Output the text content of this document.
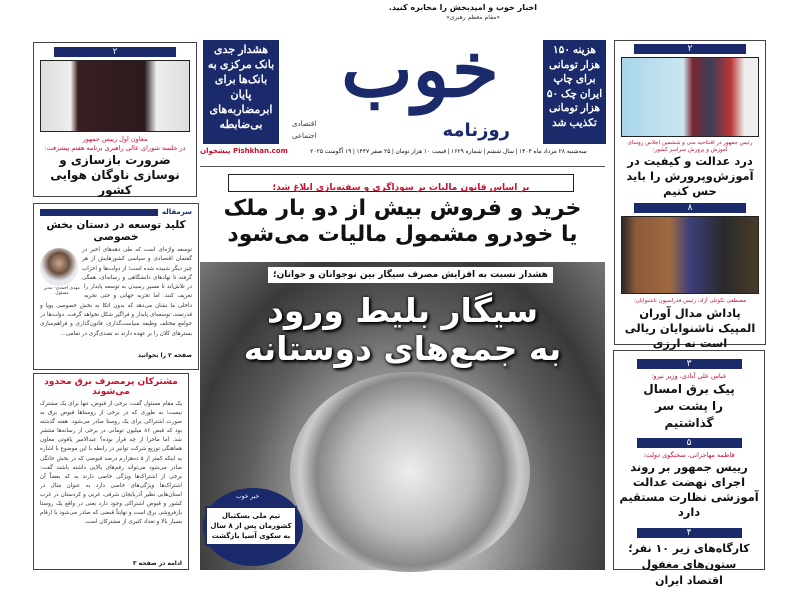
اخبار خوب و امیدبخش را مخابره کنید.
«مقام معظم رهبری»
خوب
روزنامه
اقتصادی
اجتماعی
سه‌شنبه ۲۸ مرداد ماه ۱۴۰۴ | سال ششم | شماره ۱۶۲۹ | قیمت ۱۰ هزار تومان | ۲۵ صفر ۱۴۴۷ | ۱۹ آگوست ۲۰۲۵
پیشخوان Pishkhan.com
هشدار جدی بانک مرکزی به بانک‌ها برای پایان ابرمضاربه‌های بی‌ضابطه
هزینه ۱۵۰ هزار تومانی برای چاپ ایران چک ۵۰ هزار تومانی تکذیب شد
بر اساس قانون مالیات بر سوداگری و سفته‌بازی ابلاغ شد؛
خرید و فروش بیش از دو بار ملک
یا خودرو مشمول مالیات می‌شود
هشدار نسبت به افزایش مصرف سیگار بین نوجوانان و جوانان؛
سیگار بلیط ورود
به جمع‌های دوستانه
خبر خوب
تیم ملی بسکتبال کشورمان پس از ۸ سال به سکوی آسیا بازگشت
۲
معاون اول رییس جمهور
در جلسه شورای عالی راهبری برنامه هفتم پیشرفت:
ضرورت بازسازی و نوسازی ناوگان هوایی کشور
سرمقاله
کلید توسعه در دستان بخش خصوصی
مهدی احمدی- مدیر مسئول
توسعه واژه‌ای است که طی دهه‌های اخیر در گفتمان اقتصادی و سیاسی کشورهایش از هر چیز دیگر شنیده شده است؛ از دولت‌ها و احزاب گرفته تا نهادهای دانشگاهی و رسانه‌ای، همگی در تلاش‌اند تا مسیر رسیدن به توسعه پایدار را تعریف کنند. اما تجربه جهانی و حتی تجربه داخلی ما نشان می‌دهد که بدون اتکا به بخش خصوصی پویا و قدرتمند، توسعه‌ای پایدار و فراگیر شکل نخواهد گرفت. دولت‌ها در جوامع مختلف وظیفه سیاست‌گذاری، قانون‌گذاری و فراهم‌سازی بسترهای کلان را بر عهده دارند نه تصدی‌گری در تمامی...
صفحه ۲ را بخوانید
مشترکان پرمصرف برق محدود می‌شوند
یک مقام مسئول گفت: برخی از قبوض، تنها برای یک مشترک نیست؛ به طوری که در برخی از روستاها قبوض برق به صورت اشتراکی برای یک روستا صادر می‌شود. هفته گذشته بود که قبض ۸۶ میلیون تومانی در برخی از رسانه‌ها منتشر شد. اما ماجرا از چه قرار بوده؟ عبدالامیر یاقوتی معاون هماهنگی توزیع شرکت توانیر در رابطه با این موضوع با اشاره به اینکه کمتر از ۵ ده‌هزارم درصد قبوضی که در بخش خانگی صادر می‌شود می‌تواند رقم‌های بالایی داشته باشند گفت: برخی از اشتراک‌ها ویژگی خاصی دارند به که بعضاً آن اشتراک‌ها ویژگی‌های خاصی دارد به عنوان مثال در استان‌هایی نظیر آذربایجان شرقی، غربی و کردستان در غرب کشور و قبوض اشتراکی وجود دارد یعنی در واقع یک روستا بازفروشی برق است و نهایتاً قبضی که صادر می‌شود با ارقام بسیار بالا و تعداد کثیری از مشترکان است.
ادامه در صفحه ۳
۲
رئیس جمهور در افتتاحیه سی و ششمین اجلاس روسای آموزش و پرورش سراسر کشور:
درد عدالت و کیفیت در آموزش‌وپرورش را باید حس کنیم
۸
مصطفی تکوتلی آزاد، رئیس فدراسیون ناشنوایان:
پاداش مدال آوران المپیک ناشنوایان ریالی است نه ارزی
۳
عباس علی آبادی، وزیر نیرو:
پیک برق امسال را پشت سر گذاشتیم
۵
فاطمه مهاجرانی، سخنگوی دولت:
رییس جمهور بر روند اجرای نهضت عدالت آموزشی نظارت مستقیم دارد
۴
کارگاه‌های زیر ۱۰ نفر؛ ستون‌های مغفول اقتصاد ایران
